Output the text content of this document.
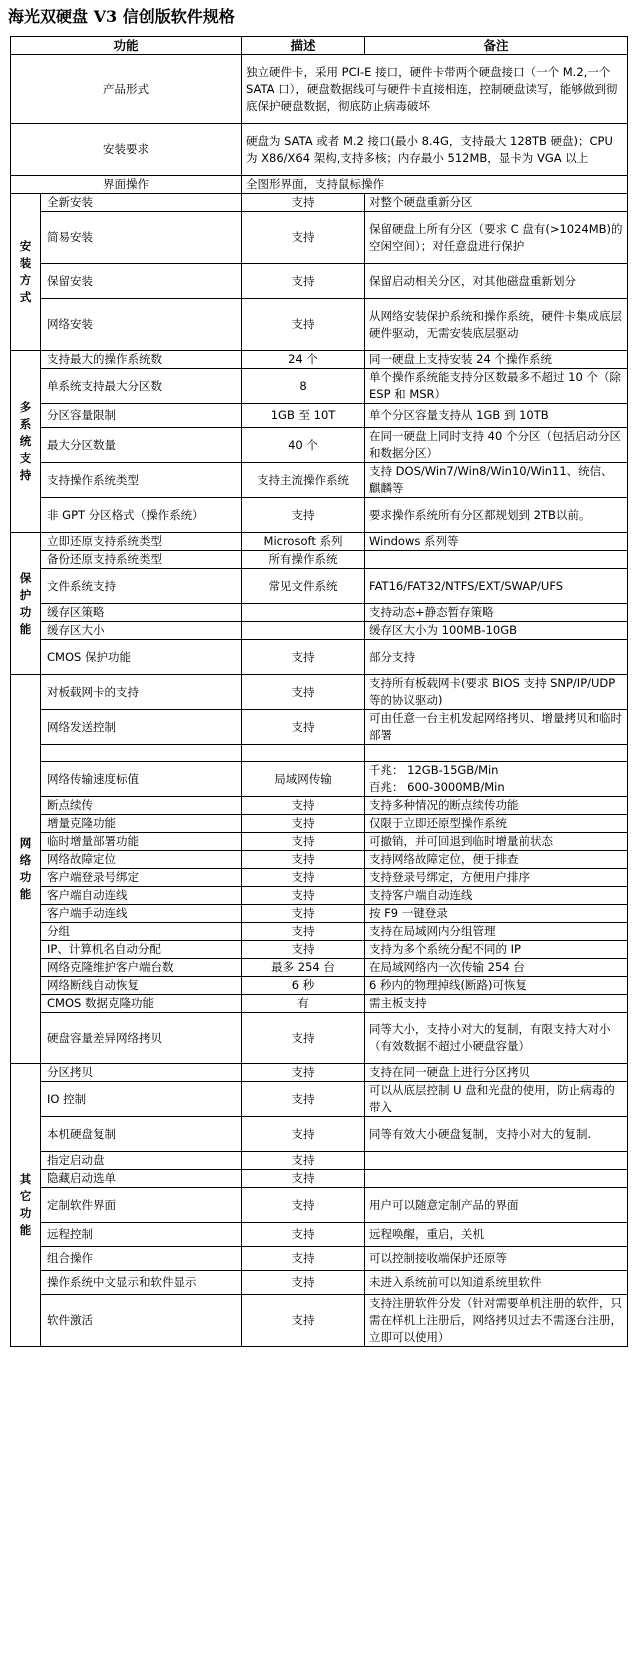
海光双硬盘 V3 信创版软件规格
功能		描述	备注
产品形式		独立硬件卡，采用 PCI-E 接口，硬件卡带两个硬盘接口（一个 M.2,一个 SATA 口），硬盘数据线可与硬件卡直接相连，控制硬盘读写，能够做到彻底保护硬盘数据，彻底防止病毒破坏	
安装要求		硬盘为 SATA 或者 M.2 接口(最小 8.4G，支持最大 128TB 硬盘)；CPU 为 X86/X64 架构,支持多核；内存最小 512MB，显卡为 VGA 以上	
界面操作		全图形界面，支持鼠标操作	
安
装
方
式	全新安装	支持	对整个硬盘重新分区
	简易安装	支持	保留硬盘上所有分区（要求 C 盘有(>1024MB)的空闲空间）；对任意盘进行保护
	保留安装	支持	保留启动相关分区，对其他磁盘重新划分
	网络安装	支持	从网络安装保护系统和操作系统，硬件卡集成底层硬件驱动，无需安装底层驱动
多
系
统
支
持	支持最大的操作系统数	24 个	同一硬盘上支持安装 24 个操作系统
	单系统支持最大分区数	8	单个操作系统能支持分区数最多不超过 10 个（除 ESP 和 MSR）
	分区容量限制	1GB 至 10T	单个分区容量支持从 1GB 到 10TB
	最大分区数量	40 个	在同一硬盘上同时支持 40 个分区（包括启动分区和数据分区）
	支持操作系统类型	支持主流操作系统	支持 DOS/Win7/Win8/Win10/Win11、统信、麒麟等
	非 GPT 分区格式（操作系统）	支持	要求操作系统所有分区都规划到 2TB以前。
保
护
功
能	立即还原支持系统类型	Microsoft 系列	Windows 系列等
	备份还原支持系统类型	所有操作系统	
	文件系统支持	常见文件系统	FAT16/FAT32/NTFS/EXT/SWAP/UFS
	缓存区策略		支持动态+静态暂存策略
	缓存区大小		缓存区大小为 100MB-10GB
	CMOS 保护功能	支持	部分支持
网
络
功
能	对板载网卡的支持	支持	支持所有板载网卡(要求 BIOS 支持 SNP/IP/UDP 等的协议驱动)
	网络发送控制	支持	可由任意一台主机发起网络拷贝、增量拷贝和临时部署

	网络传输速度标值	局域网传输	千兆： 12GB-15GB/Min
百兆： 600-3000MB/Min
	断点续传	支持	支持多种情况的断点续传功能
	增量克隆功能	支持	仅限于立即还原型操作系统
	临时增量部署功能	支持	可撤销，并可回退到临时增量前状态
	网络故障定位	支持	支持网络故障定位，便于排查
	客户端登录号绑定	支持	支持登录号绑定，方便用户排序
	客户端自动连线	支持	支持客户端自动连线
	客户端手动连线	支持	按 F9 一键登录
	分组	支持	支持在局域网内分组管理
	IP、计算机名自动分配	支持	支持为多个系统分配不同的 IP
	网络克隆维护客户端台数	最多 254 台	在局域网络内一次传输 254 台
	网络断线自动恢复	6 秒	6 秒内的物理掉线(断路)可恢复
	CMOS 数据克隆功能	有	需主板支持
	硬盘容量差异网络拷贝	支持	同等大小，支持小对大的复制，有限支持大对小（有效数据不超过小硬盘容量）
其
它
功
能	分区拷贝	支持	支持在同一硬盘上进行分区拷贝
	IO 控制	支持	可以从底层控制 U 盘和光盘的使用，防止病毒的带入
	本机硬盘复制	支持	同等有效大小硬盘复制，支持小对大的复制.
	指定启动盘	支持	
	隐藏启动选单	支持	
	定制软件界面	支持	用户可以随意定制产品的界面
	远程控制	支持	远程唤醒，重启，关机
	组合操作	支持	可以控制接收端保护还原等
	操作系统中文显示和软件显示	支持	未进入系统前可以知道系统里软件
	软件激活	支持	支持注册软件分发（针对需要单机注册的软件，只需在样机上注册后，网络拷贝过去不需逐台注册，立即可以使用）
